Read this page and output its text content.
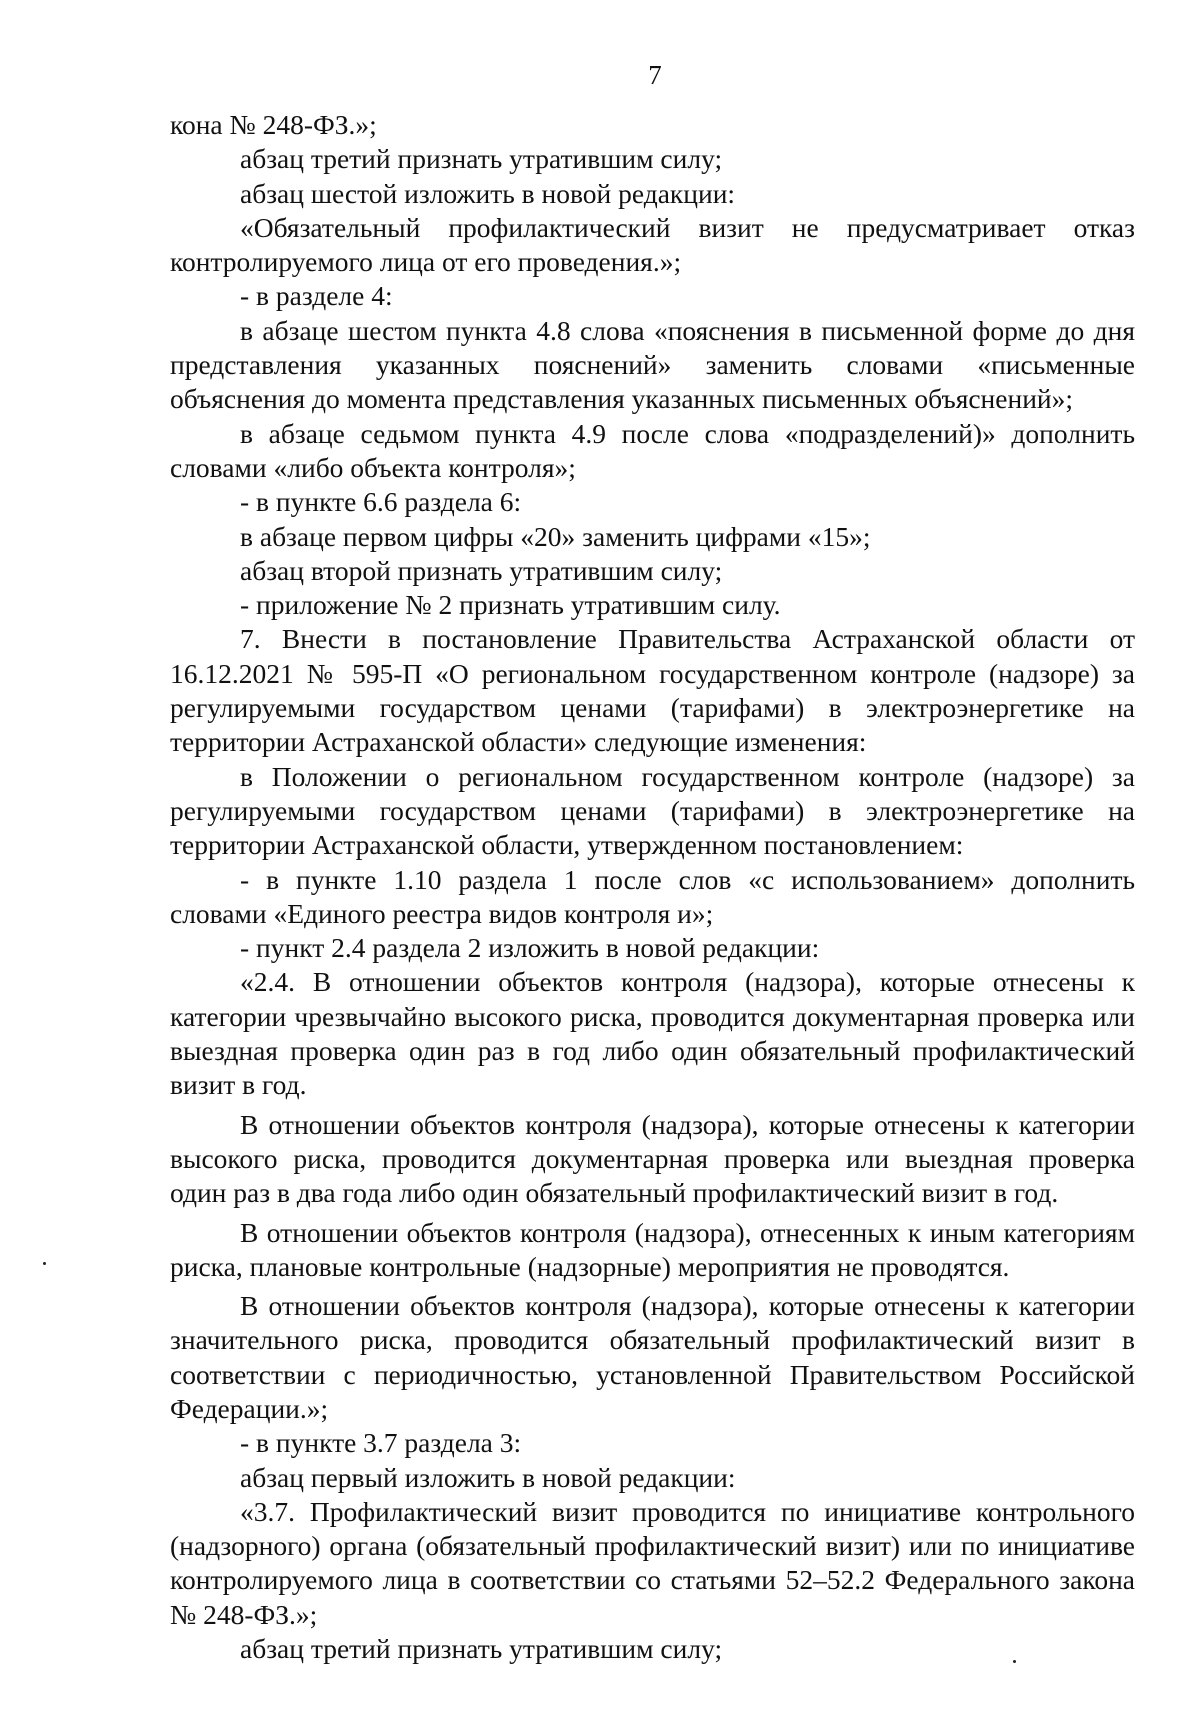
7

кона № 248-ФЗ.»;

абзац третий признать утратившим силу;

абзац шестой изложить в новой редакции:

«Обязательный профилактический визит не предусматривает отказ контролируемого лица от его проведения.»;

- в разделе 4:

в абзаце шестом пункта 4.8 слова «пояснения в письменной форме до дня представления указанных пояснений» заменить словами «письменные объяснения до момента представления указанных письменных объяснений»;

в абзаце седьмом пункта 4.9 после слова «подразделений)» дополнить словами «либо объекта контроля»;

- в пункте 6.6 раздела 6:

в абзаце первом цифры «20» заменить цифрами «15»;

абзац второй признать утратившим силу;

- приложение № 2 признать утратившим силу.

7. Внести в постановление Правительства Астраханской области от 16.12.2021 № 595-П «О региональном государственном контроле (надзоре) за регулируемыми государством ценами (тарифами) в электроэнергетике на территории Астраханской области» следующие изменения:

в Положении о региональном государственном контроле (надзоре) за регулируемыми государством ценами (тарифами) в электроэнергетике на территории Астраханской области, утвержденном постановлением:

- в пункте 1.10 раздела 1 после слов «с использованием» дополнить словами «Единого реестра видов контроля и»;

- пункт 2.4 раздела 2 изложить в новой редакции:

«2.4. В отношении объектов контроля (надзора), которые отнесены к категории чрезвычайно высокого риска, проводится документарная проверка или выездная проверка один раз в год либо один обязательный профилактический визит в год.

В отношении объектов контроля (надзора), которые отнесены к категории высокого риска, проводится документарная проверка или выездная проверка один раз в два года либо один обязательный профилактический визит в год.

В отношении объектов контроля (надзора), отнесенных к иным категориям риска, плановые контрольные (надзорные) мероприятия не проводятся.

В отношении объектов контроля (надзора), которые отнесены к категории значительного риска, проводится обязательный профилактический визит в соответствии с периодичностью, установленной Правительством Российской Федерации.»;

- в пункте 3.7 раздела 3:

абзац первый изложить в новой редакции:

«3.7. Профилактический визит проводится по инициативе контрольного (надзорного) органа (обязательный профилактический визит) или по инициативе контролируемого лица в соответствии со статьями 52–52.2 Федерального закона № 248-ФЗ.»;

абзац третий признать утратившим силу;
